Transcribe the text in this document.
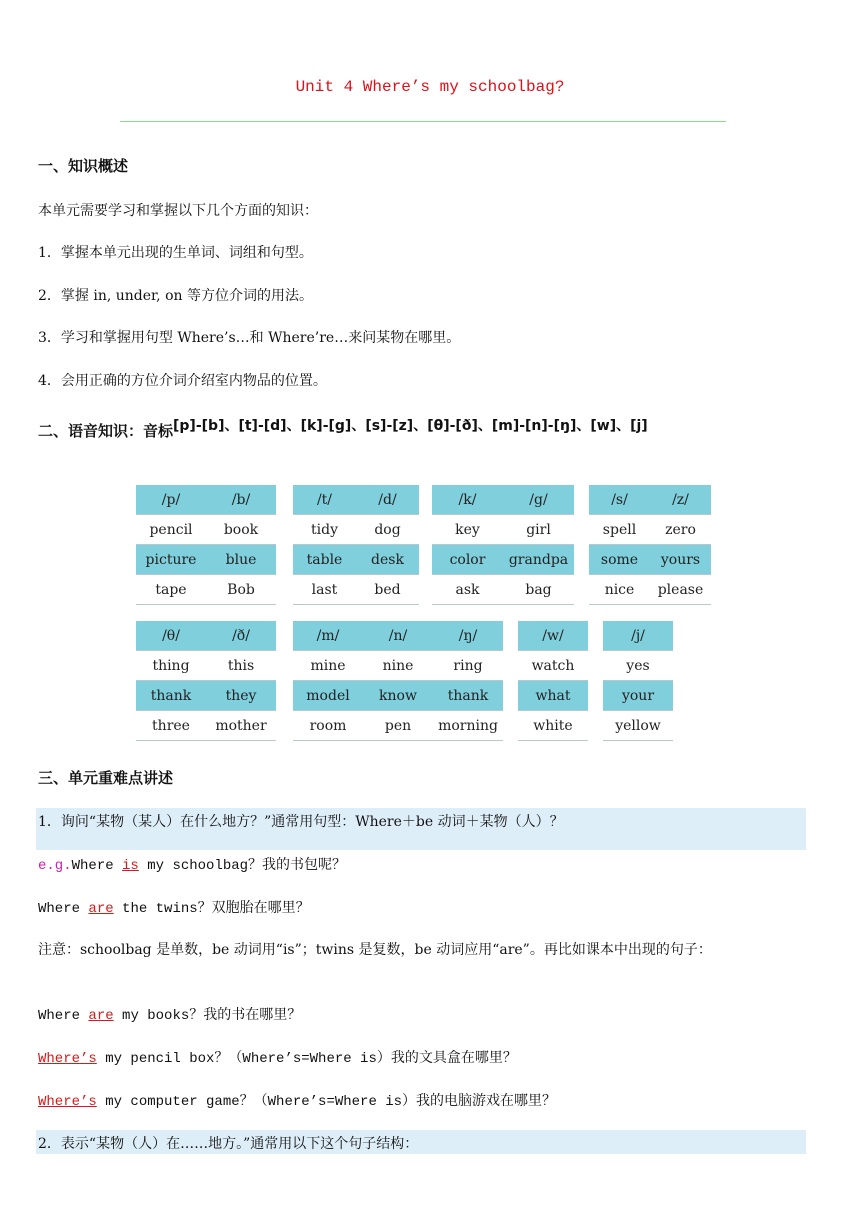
Unit 4 Where’s my schoolbag?
一、知识概述
本单元需要学习和掌握以下几个方面的知识：
1．掌握本单元出现的生单词、词组和句型。
2．掌握 in, under, on 等方位介词的用法。
3．学习和掌握用句型 Where’s…和 Where’re…来问某物在哪里。
4．会用正确的方位介词介绍室内物品的位置。
二、语音知识：音标[p]-[b]、[t]-[d]、[k]-[g]、[s]-[z]、[θ]-[ð]、[m]-[n]-[ŋ]、[w]、[j]
/p/	/b/
pencil	book
picture	blue
tape	Bob
/t/	/d/
tidy	dog
table	desk
last	bed
/k/	/g/
key	girl
color	grandpa
ask	bag
/s/	/z/
spell	zero
some	yours
nice	please
/θ/	/ð/
thing	this
thank	they
three	mother
/m/	/n/	/ŋ/
mine	nine	ring
model	know	thank
room	pen	morning
/w/
watch
what
white
/j/
yes
your
yellow
三、单元重难点讲述
1．询问“某物（某人）在什么地方？”通常用句型：Where＋be 动词＋某物（人）？
e.g.Where is my schoolbag？我的书包呢？
Where are the twins？双胞胎在哪里？
注意：schoolbag 是单数，be 动词用“is”；twins 是复数，be 动词应用“are”。再比如课本中出现的句子：
Where are my books？我的书在哪里？
Where’s my pencil box？（Where’s=Where is）我的文具盒在哪里？
Where’s my computer game？（Where’s=Where is）我的电脑游戏在哪里？
2．表示“某物（人）在……地方。”通常用以下这个句子结构：
